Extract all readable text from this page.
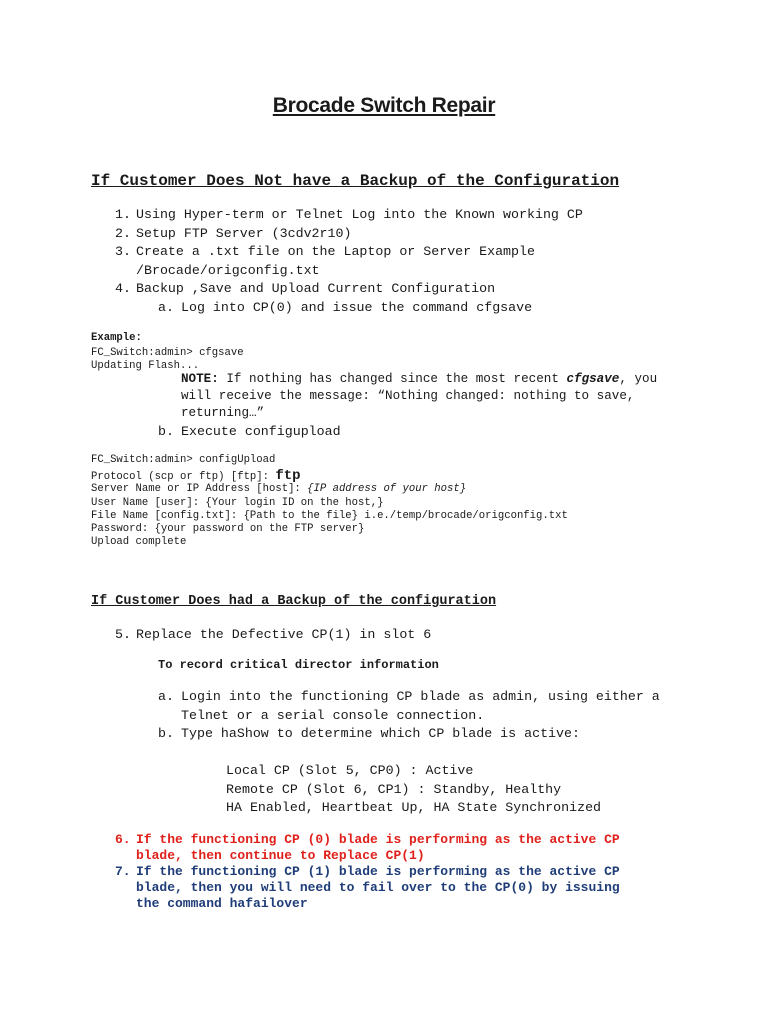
Brocade Switch Repair
If Customer Does Not have a Backup of the Configuration
1. Using Hyper-term or Telnet Log into the Known working CP
2. Setup FTP Server (3cdv2r10)
3. Create a .txt file on the Laptop or Server Example
/Brocade/origconfig.txt
4. Backup ,Save and Upload Current Configuration
a. Log into CP(0) and issue the command cfgsave
Example:
FC_Switch:admin> cfgsave
Updating Flash...
NOTE: If nothing has changed since the most recent cfgsave, you
will receive the message: “Nothing changed: nothing to save,
returning…”
b. Execute configupload
FC_Switch:admin> configUpload
Protocol (scp or ftp) [ftp]: ftp
Server Name or IP Address [host]: {IP address of your host}
User Name [user]: {Your login ID on the host,}
File Name [config.txt]: {Path to the file} i.e./temp/brocade/origconfig.txt
Password: {your password on the FTP server}
Upload complete
If Customer Does had a Backup of the configuration
5. Replace the Defective CP(1) in slot 6
To record critical director information
a. Login into the functioning CP blade as admin, using either a
Telnet or a serial console connection.
b. Type haShow to determine which CP blade is active:
Local CP (Slot 5, CP0) : Active
Remote CP (Slot 6, CP1) : Standby, Healthy
HA Enabled, Heartbeat Up, HA State Synchronized
6. If the functioning CP (0) blade is performing as the active CP
blade, then continue to Replace CP(1)
7. If the functioning CP (1) blade is performing as the active CP
blade, then you will need to fail over to the CP(0) by issuing
the command hafailover
